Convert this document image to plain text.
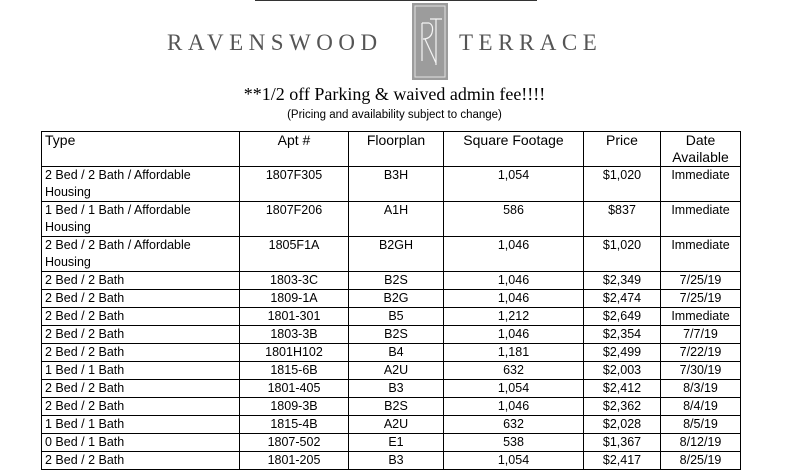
RAVENSWOOD	TERRACE
**1/2 off Parking & waived admin fee!!!!
(Pricing and availability subject to change)
Type	Apt #	Floorplan	Square Footage	Price	Date Available
2 Bed / 2 Bath / Affordable Housing	1807F305	B3H	1,054	$1,020	Immediate
1 Bed / 1 Bath / Affordable Housing	1807F206	A1H	586	$837	Immediate
2 Bed / 2 Bath / Affordable Housing	1805F1A	B2GH	1,046	$1,020	Immediate
2 Bed / 2 Bath	1803-3C	B2S	1,046	$2,349	7/25/19
2 Bed / 2 Bath	1809-1A	B2G	1,046	$2,474	7/25/19
2 Bed / 2 Bath	1801-301	B5	1,212	$2,649	Immediate
2 Bed / 2 Bath	1803-3B	B2S	1,046	$2,354	7/7/19
2 Bed / 2 Bath	1801H102	B4	1,181	$2,499	7/22/19
1 Bed / 1 Bath	1815-6B	A2U	632	$2,003	7/30/19
2 Bed / 2 Bath	1801-405	B3	1,054	$2,412	8/3/19
2 Bed / 2 Bath	1809-3B	B2S	1,046	$2,362	8/4/19
1 Bed / 1 Bath	1815-4B	A2U	632	$2,028	8/5/19
0 Bed / 1 Bath	1807-502	E1	538	$1,367	8/12/19
2 Bed / 2 Bath	1801-205	B3	1,054	$2,417	8/25/19
